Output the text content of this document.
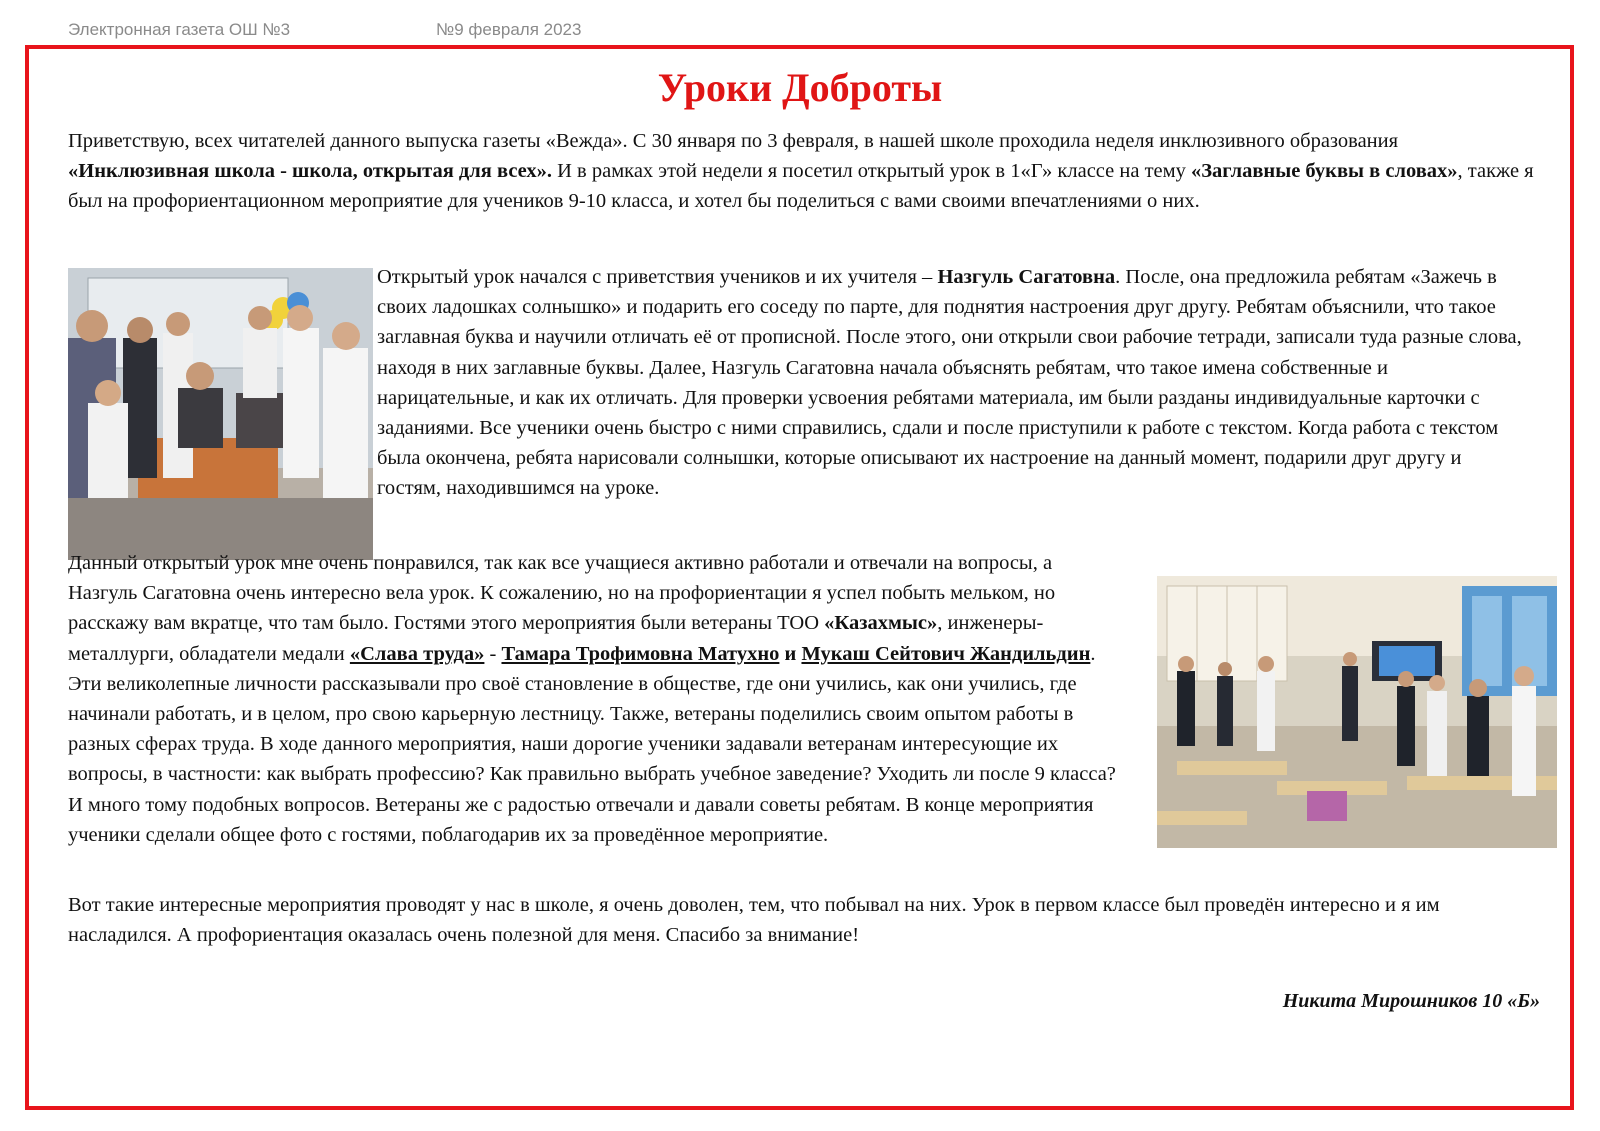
Электронная газета ОШ №3	№9 февраля 2023
Уроки Доброты

Приветствую, всех читателей данного выпуска газеты «Вежда». С 30 января по 3 февраля, в нашей школе проходила неделя инклюзивного образования «Инклюзивная школа - школа, открытая для всех». И в рамках этой недели я посетил открытый урок в 1«Г» классе на тему «Заглавные буквы в словах», также я был на профориентационном мероприятие для учеников 9-10 класса, и хотел бы поделиться с вами своими впечатлениями о них.

Открытый урок начался с приветствия учеников и их учителя – Назгуль Сагатовна. После, она предложила ребятам «Зажечь в своих ладошках солнышко» и подарить его соседу по парте, для поднятия настроения друг другу. Ребятам объяснили, что такое заглавная буква и научили отличать её от прописной. После этого, они открыли свои рабочие тетради, записали туда разные слова, находя в них заглавные буквы. Далее, Назгуль Сагатовна начала объяснять ребятам, что такое имена собственные и нарицательные, и как их отличать. Для проверки усвоения ребятами материала, им были разданы индивидуальные карточки с заданиями. Все ученики очень быстро с ними справились, сдали и после приступили к работе с текстом. Когда работа с текстом была окончена, ребята нарисовали солнышки, которые описывают их настроение на данный момент, подарили друг другу и гостям, находившимся на уроке.

Данный открытый урок мне очень понравился, так как все учащиеся активно работали и отвечали на вопросы, а Назгуль Сагатовна очень интересно вела урок. К сожалению, но на профориентации я успел побыть мельком, но расскажу вам вкратце, что там было. Гостями этого мероприятия были ветераны ТОО «Казахмыс», инженеры-металлурги, обладатели медали «Слава труда» - Тамара Трофимовна Матухно и Мукаш Сейтович Жандильдин. Эти великолепные личности рассказывали про своё становление в обществе, где они учились, как они учились, где начинали работать, и в целом, про свою карьерную лестницу. Также, ветераны поделились своим опытом работы в разных сферах труда. В ходе данного мероприятия, наши дорогие ученики задавали ветеранам интересующие их вопросы, в частности: как выбрать профессию? Как правильно выбрать учебное заведение? Уходить ли после 9 класса? И много тому подобных вопросов. Ветераны же с радостью отвечали и давали советы ребятам. В конце мероприятия ученики сделали общее фото с гостями, поблагодарив их за проведённое мероприятие.

Вот такие интересные мероприятия проводят у нас в школе, я очень доволен, тем, что побывал на них. Урок в первом классе был проведён интересно и я им насладился. А профориентация оказалась очень полезной для меня. Спасибо за внимание!

Никита Мирошников 10 «Б»
